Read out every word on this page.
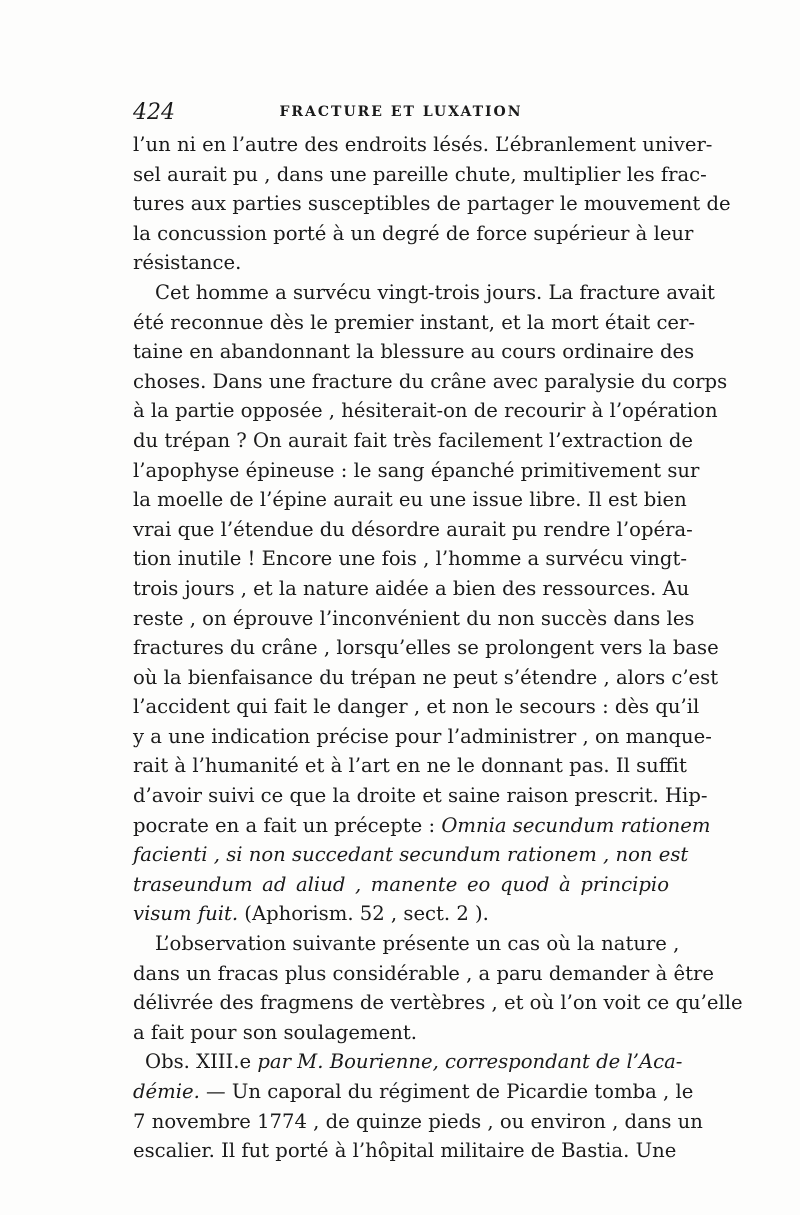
424	FRACTURE ET LUXATION
l’un ni en l’autre des endroits lésés. L’ébranlement univer-
sel aurait pu , dans une pareille chute, multiplier les frac-
tures aux parties susceptibles de partager le mouvement de
la concussion porté à un degré de force supérieur à leur
résistance.
Cet homme a survécu vingt-trois jours. La fracture avait
été reconnue dès le premier instant, et la mort était cer-
taine en abandonnant la blessure au cours ordinaire des
choses. Dans une fracture du crâne avec paralysie du corps
à la partie opposée , hésiterait-on de recourir à l’opération
du trépan ? On aurait fait très facilement l’extraction de
l’apophyse épineuse : le sang épanché primitivement sur
la moelle de l’épine aurait eu une issue libre. Il est bien
vrai que l’étendue du désordre aurait pu rendre l’opéra-
tion inutile ! Encore une fois , l’homme a survécu vingt-
trois jours , et la nature aidée a bien des ressources. Au
reste , on éprouve l’inconvénient du non succès dans les
fractures du crâne , lorsqu’elles se prolongent vers la base
où la bienfaisance du trépan ne peut s’étendre , alors c’est
l’accident qui fait le danger , et non le secours : dès qu’il
y a une indication précise pour l’administrer , on manque-
rait à l’humanité et à l’art en ne le donnant pas. Il suffit
d’avoir suivi ce que la droite et saine raison prescrit. Hip-
pocrate en a fait un précepte : Omnia secundum rationem
facienti , si non succedant secundum rationem , non est
traseundum ad aliud , manente eo quod à principio
visum fuit. (Aphorism. 52 , sect. 2 ).
L’observation suivante présente un cas où la nature ,
dans un fracas plus considérable , a paru demander à être
délivrée des fragmens de vertèbres , et où l’on voit ce qu’elle
a fait pour son soulagement.
Obs. XIII.e par M. Bourienne, correspondant de l’Aca-
démie. — Un caporal du régiment de Picardie tomba , le
7 novembre 1774 , de quinze pieds , ou environ , dans un
escalier. Il fut porté à l’hôpital militaire de Bastia. Une
